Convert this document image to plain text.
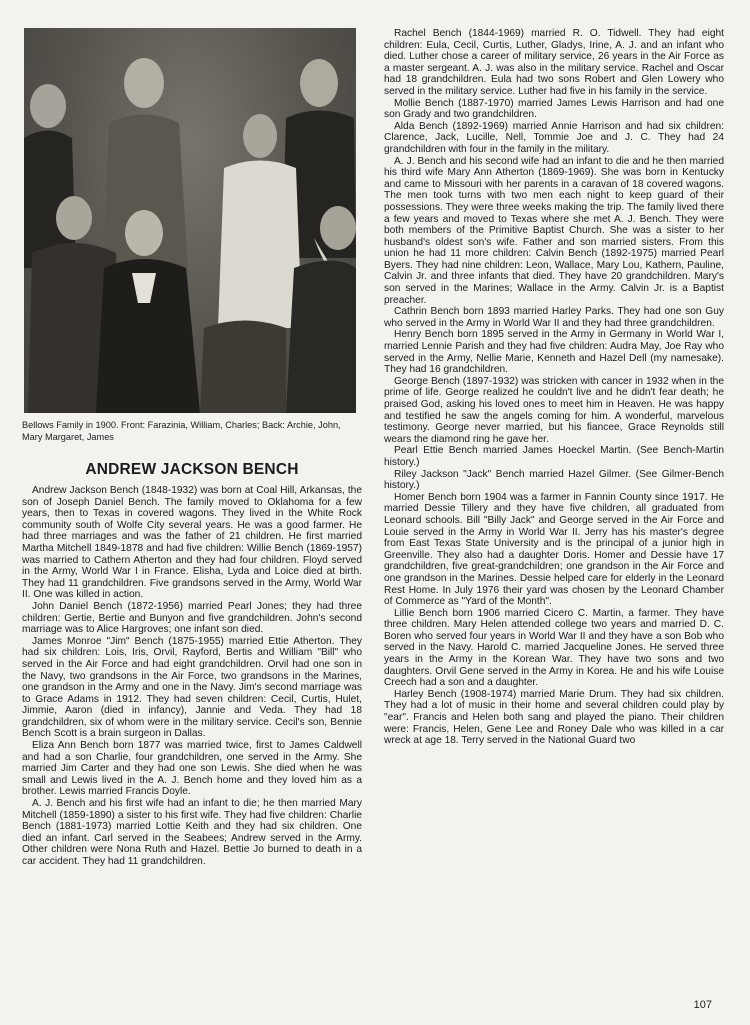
Bellows Family in 1900. Front: Farazinia, William, Charles; Back: Archie, John, Mary Margaret, James
ANDREW JACKSON BENCH

Andrew Jackson Bench (1848-1932) was born at Coal Hill, Arkansas, the son of Joseph Daniel Bench. The family moved to Oklahoma for a few years, then to Texas in covered wagons. They lived in the White Rock community south of Wolfe City several years. He was a good farmer. He had three marriages and was the father of 21 children. He first married Martha Mitchell 1849-1878 and had five children: Willie Bench (1869-1957) was married to Cathern Atherton and they had four children. Floyd served in the Army, World War I in France. Elisha, Lyda and Loice died at birth. They had 11 grandchildren. Five grandsons served in the Army, World War II. One was killed in action.

John Daniel Bench (1872-1956) married Pearl Jones; they had three children: Gertie, Bertie and Bunyon and five grandchildren. John's second marriage was to Alice Hargroves; one infant son died.

James Monroe "Jim" Bench (1875-1955) married Ettie Atherton. They had six children: Lois, Iris, Orvil, Rayford, Bertis and William "Bill" who served in the Air Force and had eight grandchildren. Orvil had one son in the Navy, two grandsons in the Air Force, two grandsons in the Marines, one grandson in the Army and one in the Navy. Jim's second marriage was to Grace Adams in 1912. They had seven children: Cecil, Curtis, Hulet, Jimmie, Aaron (died in infancy), Jannie and Veda. They had 18 grandchildren, six of whom were in the military service. Cecil's son, Bennie Bench Scott is a brain surgeon in Dallas.

Eliza Ann Bench born 1877 was married twice, first to James Caldwell and had a son Charlie, four grandchildren, one served in the Army. She married Jim Carter and they had one son Lewis. She died when he was small and Lewis lived in the A. J. Bench home and they loved him as a brother. Lewis married Francis Doyle.

A. J. Bench and his first wife had an infant to die; he then married Mary Mitchell (1859-1890) a sister to his first wife. They had five children: Charlie Bench (1881-1973) married Lottie Keith and they had six children. One died an infant. Carl served in the Seabees; Andrew served in the Army. Other children were Nona Ruth and Hazel. Bettie Jo burned to death in a car accident. They had 11 grandchildren.

Rachel Bench (1844-1969) married R. O. Tidwell. They had eight children: Eula, Cecil, Curtis, Luther, Gladys, Irine, A. J. and an infant who died. Luther chose a career of military service, 26 years in the Air Force as a master sergeant. A. J. was also in the military service. Rachel and Oscar had 18 grandchildren. Eula had two sons Robert and Glen Lowery who served in the military service. Luther had five in his family in the service.

Mollie Bench (1887-1970) married James Lewis Harrison and had one son Grady and two grandchildren.

Alda Bench (1892-1969) married Annie Harrison and had six children: Clarence, Jack, Lucille, Nell, Tommie Joe and J. C. They had 24 grandchildren with four in the family in the military.

A. J. Bench and his second wife had an infant to die and he then married his third wife Mary Ann Atherton (1869-1969). She was born in Kentucky and came to Missouri with her parents in a caravan of 18 covered wagons. The men took turns with two men each night to keep guard of their possessions. They were three weeks making the trip. The family lived there a few years and moved to Texas where she met A. J. Bench. They were both members of the Primitive Baptist Church. She was a sister to her husband's oldest son's wife. Father and son married sisters. From this union he had 11 more children: Calvin Bench (1892-1975) married Pearl Byers. They had nine children: Leon, Wallace, Mary Lou, Kathern, Pauline, Calvin Jr. and three infants that died. They have 20 grandchildren. Mary's son served in the Marines; Wallace in the Army. Calvin Jr. is a Baptist preacher.

Cathrin Bench born 1893 married Harley Parks. They had one son Guy who served in the Army in World War II and they had three grandchildren.

Henry Bench born 1895 served in the Army in Germany in World War I, married Lennie Parish and they had five children: Audra May, Joe Ray who served in the Army, Nellie Marie, Kenneth and Hazel Dell (my namesake). They had 16 grandchildren.

George Bench (1897-1932) was stricken with cancer in 1932 when in the prime of life. George realized he couldn't live and he didn't fear death; he praised God, asking his loved ones to meet him in Heaven. He was happy and testified he saw the angels coming for him. A wonderful, marvelous testimony. George never married, but his fiancee, Grace Reynolds still wears the diamond ring he gave her.

Pearl Ettie Bench married James Hoeckel Martin. (See Bench-Martin history.)

Riley Jackson "Jack" Bench married Hazel Gilmer. (See Gilmer-Bench history.)

Homer Bench born 1904 was a farmer in Fannin County since 1917. He married Dessie Tillery and they have five children, all graduated from Leonard schools. Bill "Billy Jack" and George served in the Air Force and Louie served in the Army in World War II. Jerry has his master's degree from East Texas State University and is the principal of a junior high in Greenville. They also had a daughter Doris. Homer and Dessie have 17 grandchildren, five great-grandchildren; one grandson in the Air Force and one grandson in the Marines. Dessie helped care for elderly in the Leonard Rest Home. In July 1976 their yard was chosen by the Leonard Chamber of Commerce as "Yard of the Month".

Lillie Bench born 1906 married Cicero C. Martin, a farmer. They have three children. Mary Helen attended college two years and married D. C. Boren who served four years in World War II and they have a son Bob who served in the Navy. Harold C. married Jacqueline Jones. He served three years in the Army in the Korean War. They have two sons and two daughters. Orvil Gene served in the Army in Korea. He and his wife Louise Creech had a son and a daughter.

Harley Bench (1908-1974) married Marie Drum. They had six children. They had a lot of music in their home and several children could play by "ear". Francis and Helen both sang and played the piano. Their children were: Francis, Helen, Gene Lee and Roney Dale who was killed in a car wreck at age 18. Terry served in the National Guard two

107
